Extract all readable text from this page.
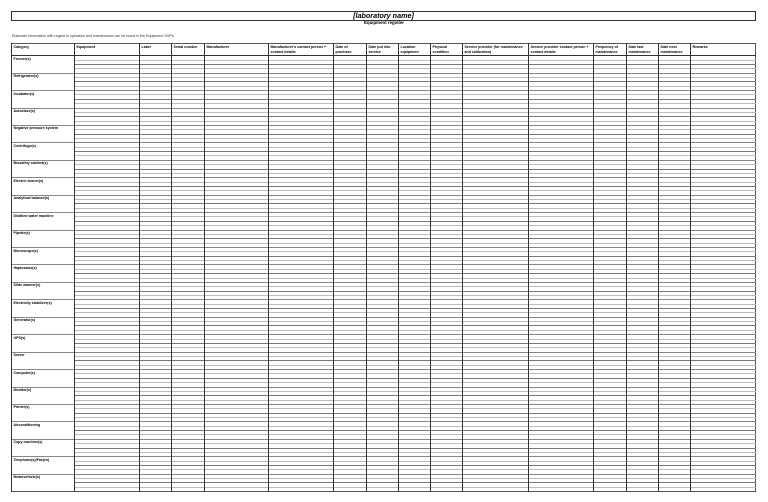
[laboratory name]
Equipment register
Elaborate information with regard to operation and maintenance can be found in the Equipment SOPs.
Category	Equipment	Label	Serial number	Manufacturer	Manufacturer's contact person + contact details	Date of purchase	Date put into service	Location equipment	Physical condition	Service provider (for maintenance and calibration)	Service provider contact person + contact details	Frequency of maintenance	Date last maintenance	Date next maintenance	Remarks
Freezer(s)															

Refrigerator(s)															

Incubator(s)															

Autoclave(s)															

Negative pressure system															

Centrifuge(s)															

Biosafety cabinet(s)															

Electric burner(s)															

Analytical balance(s)															

Distilled water machine															

Pipette(s)															

Microscope(s)															

Haplosator(s)															

Slide warmer(s)															

Electricity stabilizer(s)															

Generator(s)															

UPS(s)															

Server															

Computer(s)															

Monitor(s)															

Printer(s)															

Airconditioning															

Copy machine(s)															

Telephone(s)/Fax(es)															

Motorvehicle(s)															
